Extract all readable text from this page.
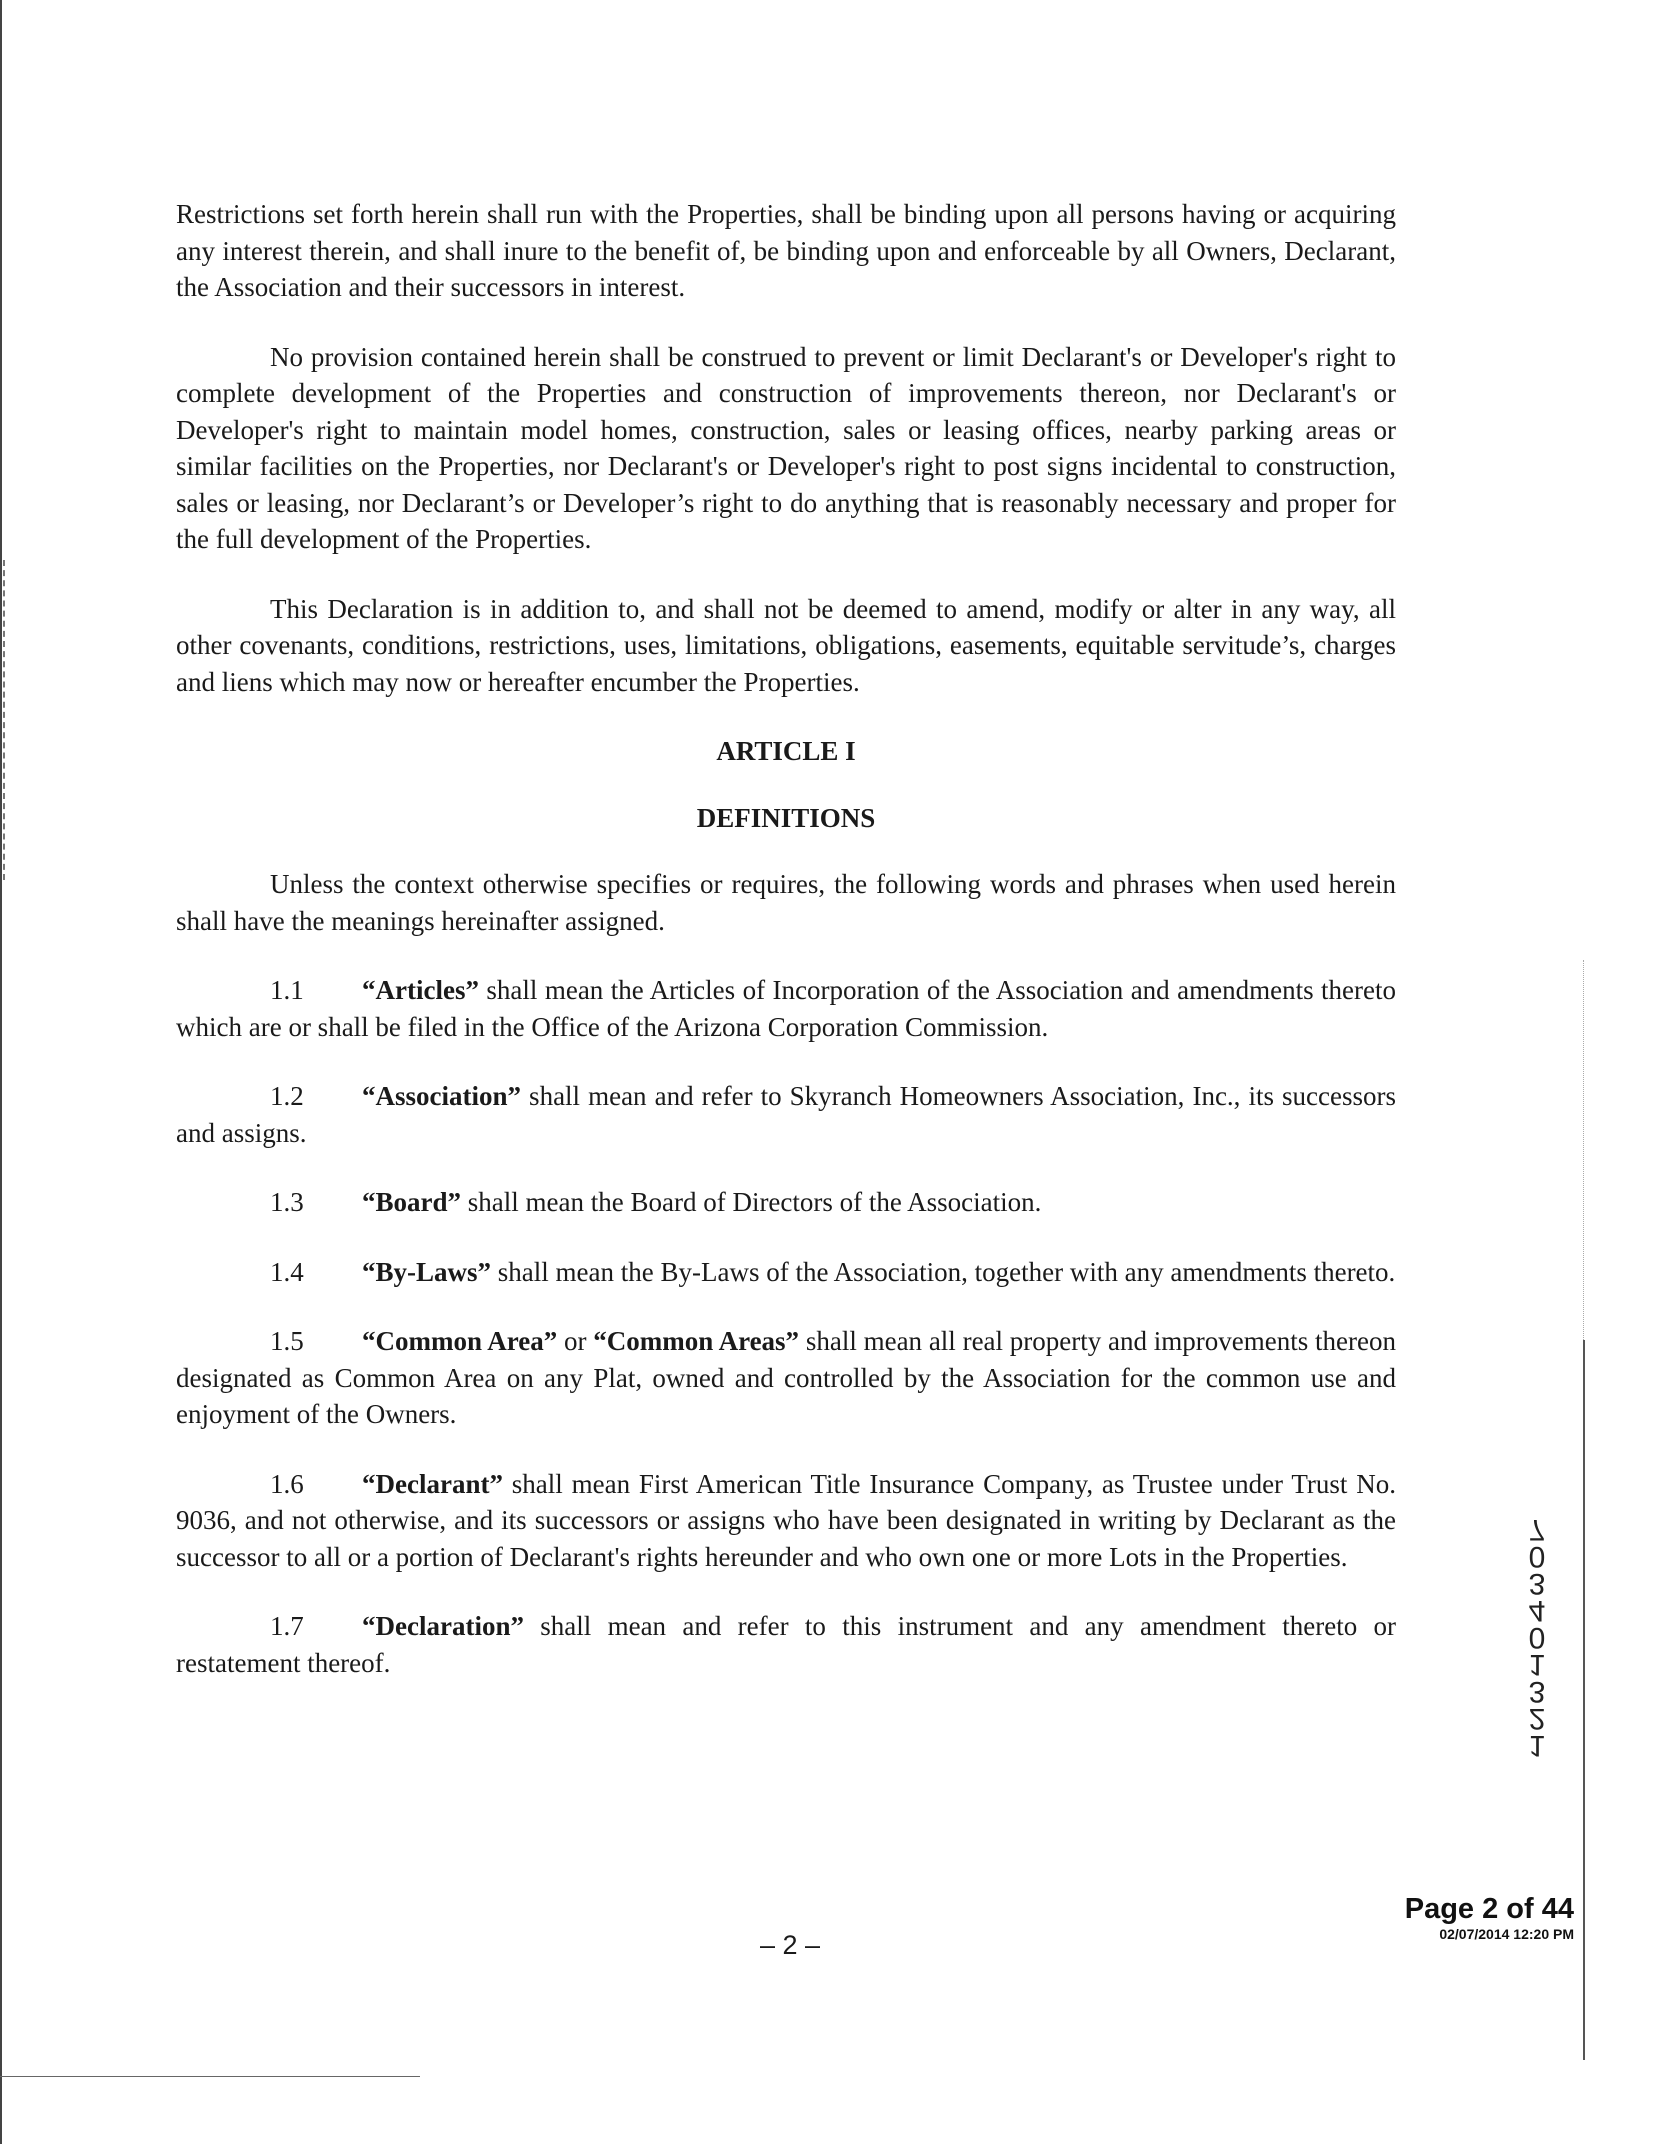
Restrictions set forth herein shall run with the Properties, shall be binding upon all persons having or acquiring any interest therein, and shall inure to the benefit of, be binding upon and enforceable by all Owners, Declarant, the Association and their successors in interest.

No provision contained herein shall be construed to prevent or limit Declarant's or Developer's right to complete development of the Properties and construction of improvements thereon, nor Declarant's or Developer's right to maintain model homes, construction, sales or leasing offices, nearby parking areas or similar facilities on the Properties, nor Declarant's or Developer's right to post signs incidental to construction, sales or leasing, nor Declarant’s or Developer’s right to do anything that is reasonably necessary and proper for the full development of the Properties.

This Declaration is in addition to, and shall not be deemed to amend, modify or alter in any way, all other covenants, conditions, restrictions, uses, limitations, obligations, easements, equitable servitude’s, charges and liens which may now or hereafter encumber the Properties.

ARTICLE I
DEFINITIONS

Unless the context otherwise specifies or requires, the following words and phrases when used herein shall have the meanings hereinafter assigned.

1.1 “Articles” shall mean the Articles of Incorporation of the Association and amendments thereto which are or shall be filed in the Office of the Arizona Corporation Commission.

1.2 “Association” shall mean and refer to Skyranch Homeowners Association, Inc., its successors and assigns.

1.3 “Board” shall mean the Board of Directors of the Association.

1.4 “By-Laws” shall mean the By-Laws of the Association, together with any amendments thereto.

1.5 “Common Area” or “Common Areas” shall mean all real property and improvements thereon designated as Common Area on any Plat, owned and controlled by the Association for the common use and enjoyment of the Owners.

1.6 “Declarant” shall mean First American Title Insurance Company, as Trustee under Trust No. 9036, and not otherwise, and its successors or assigns who have been designated in writing by Declarant as the successor to all or a portion of Declarant's rights hereunder and who own one or more Lots in the Properties.

1.7 “Declaration” shall mean and refer to this instrument and any amendment thereto or restatement thereof.

1
2
3
1
0
4
3
0
7
Page 2 of 44
02/07/2014 12:20 PM
– 2 –
